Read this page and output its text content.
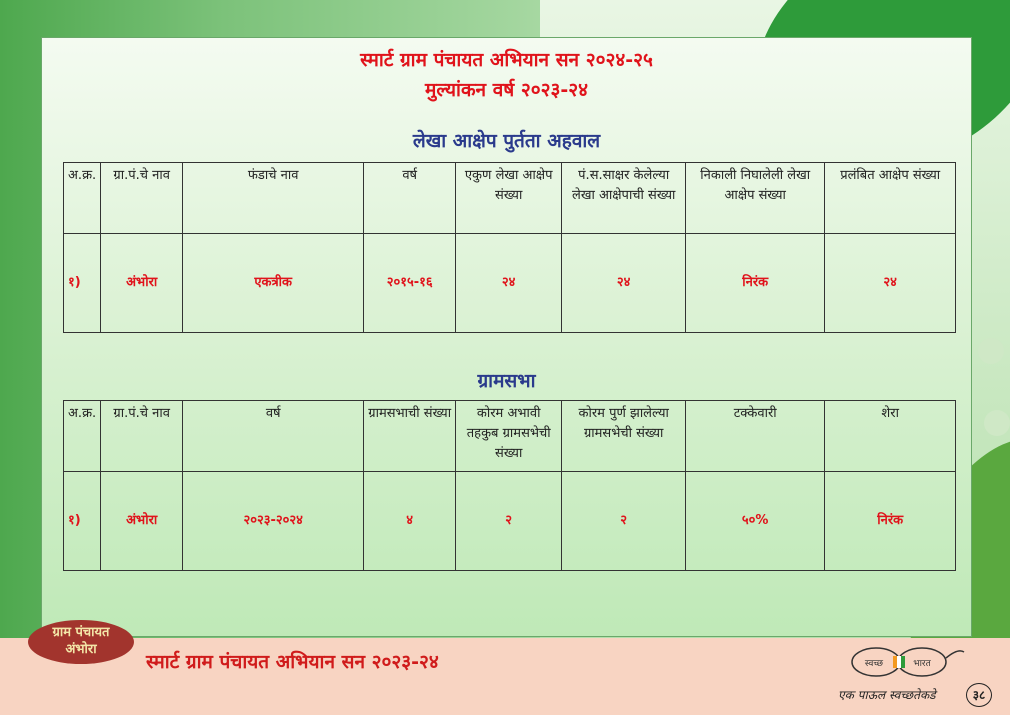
स्मार्ट ग्राम पंचायत अभियान सन २०२४-२५
मुल्यांकन वर्ष २०२३-२४
लेखा आक्षेप पुर्तता अहवाल
अ.क्र.	ग्रा.पं.चे नाव	फंडाचे नाव	वर्ष	एकुण लेखा आक्षेप संख्या	पं.स.साक्षर केलेल्या लेखा आक्षेपाची संख्या	निकाली निघालेली लेखा आक्षेप संख्या	प्रलंबित आक्षेप संख्या
१)	अंभोरा	एकत्रीक	२०१५-१६	२४	२४	निरंक	२४
ग्रामसभा
अ.क्र.	ग्रा.पं.चे नाव	वर्ष	ग्रामसभाची संख्या	कोरम अभावी तहकुब ग्रामसभेची संख्या	कोरम पुर्ण झालेल्या ग्रामसभेची संख्या	टक्केवारी	शेरा
१)	अंभोरा	२०२३-२०२४	४	२	२	५०%	निरंक
ग्राम पंचायत
अंभोरा
स्मार्ट ग्राम पंचायत अभियान सन २०२३-२४	स्वच्छ	भारत
एक पाऊल स्वच्छतेकडे	३८
